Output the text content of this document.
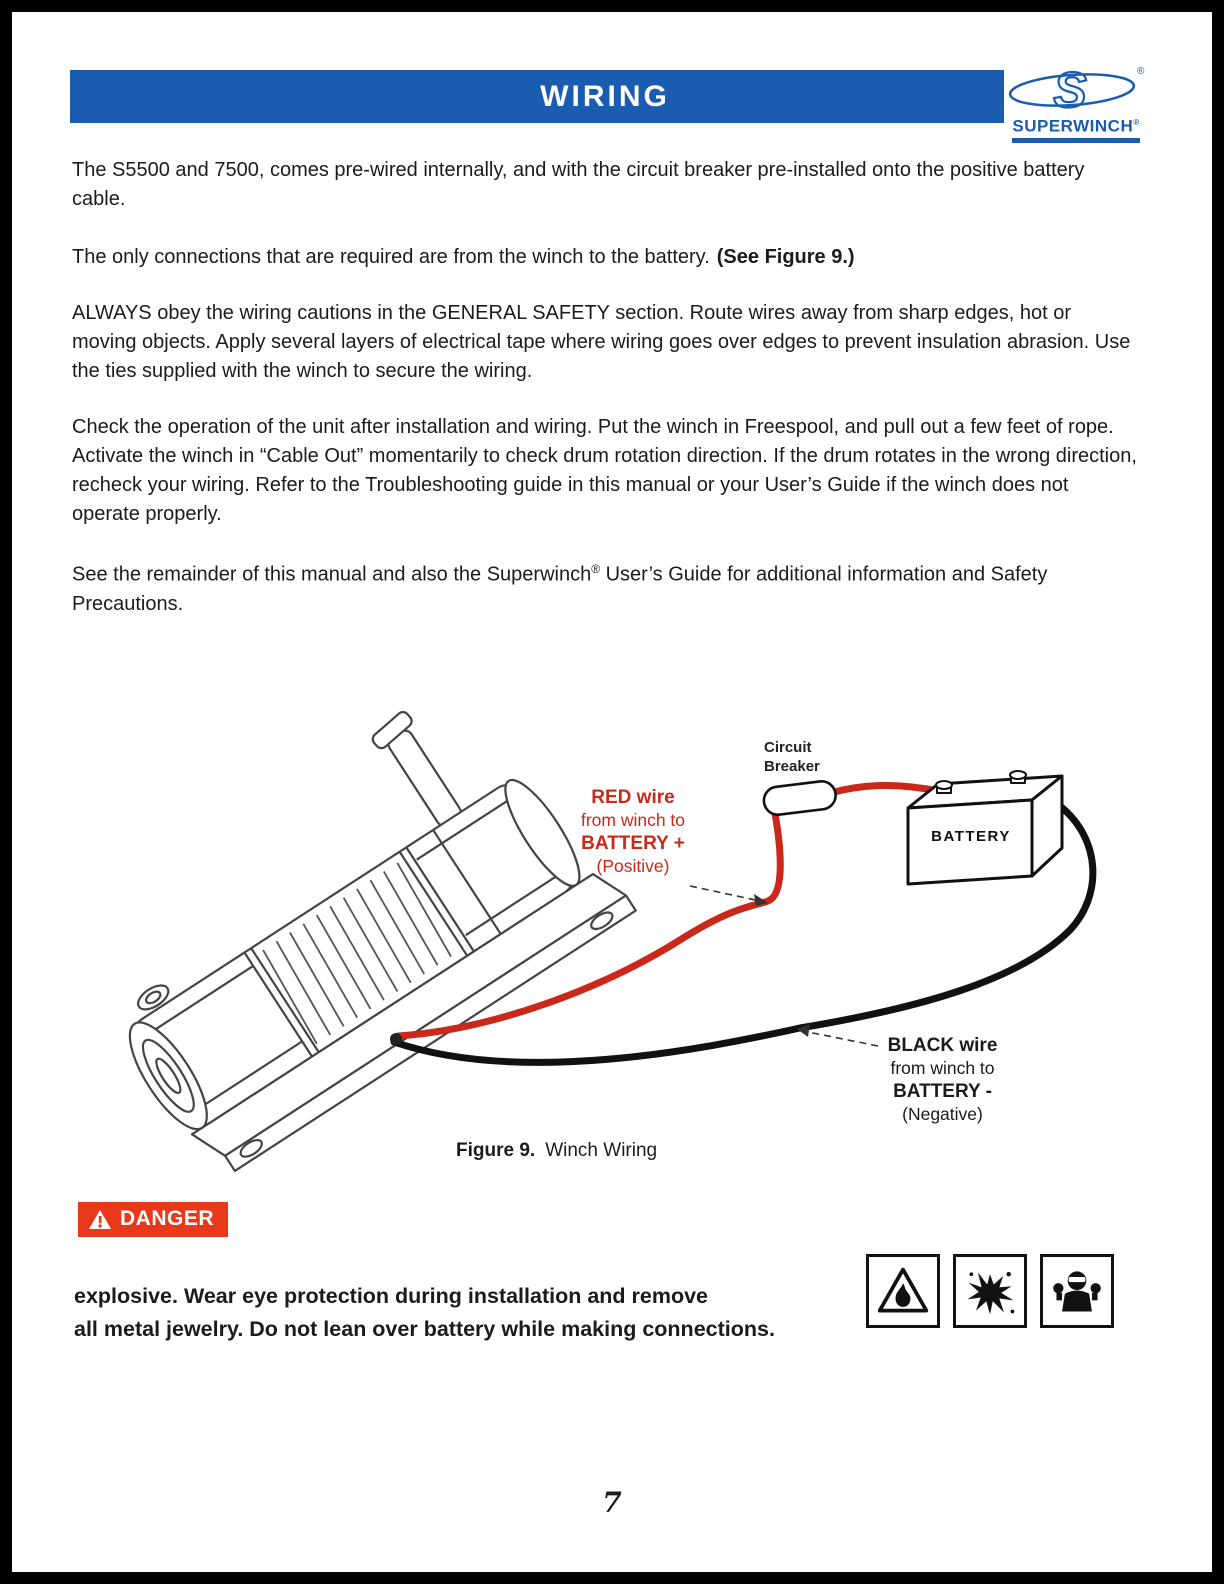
WIRING	S	®
SUPERWINCH®

The S5500 and 7500, comes pre-wired internally, and with the circuit breaker pre-installed onto the positive battery cable.

The only connections that are required are from the winch to the battery. (See Figure 9.)

ALWAYS obey the wiring cautions in the GENERAL SAFETY section. Route wires away from sharp edges, hot or moving objects. Apply several layers of electrical tape where wiring goes over edges to prevent insulation abrasion. Use the ties supplied with the winch to secure the wiring.

Check the operation of the unit after installation and wiring. Put the winch in Freespool, and pull out a few feet of rope. Activate the winch in “Cable Out” momentarily to check drum rotation direction. If the drum rotates in the wrong direction, recheck your wiring. Refer to the Troubleshooting guide in this manual or your User’s Guide if the winch does not operate properly.

See the remainder of this manual and also the Superwinch® User’s Guide for additional information and Safety Precautions.

Circuit
Breaker
RED wire
from winch to
BATTERY +
(Positive)
BATTERY
BLACK wire
from winch to
BATTERY -
(Negative)
Figure 9. Winch Wiring
DANGER
explosive. Wear eye protection during installation and remove
all metal jewelry. Do not lean over battery while making connections.
7
